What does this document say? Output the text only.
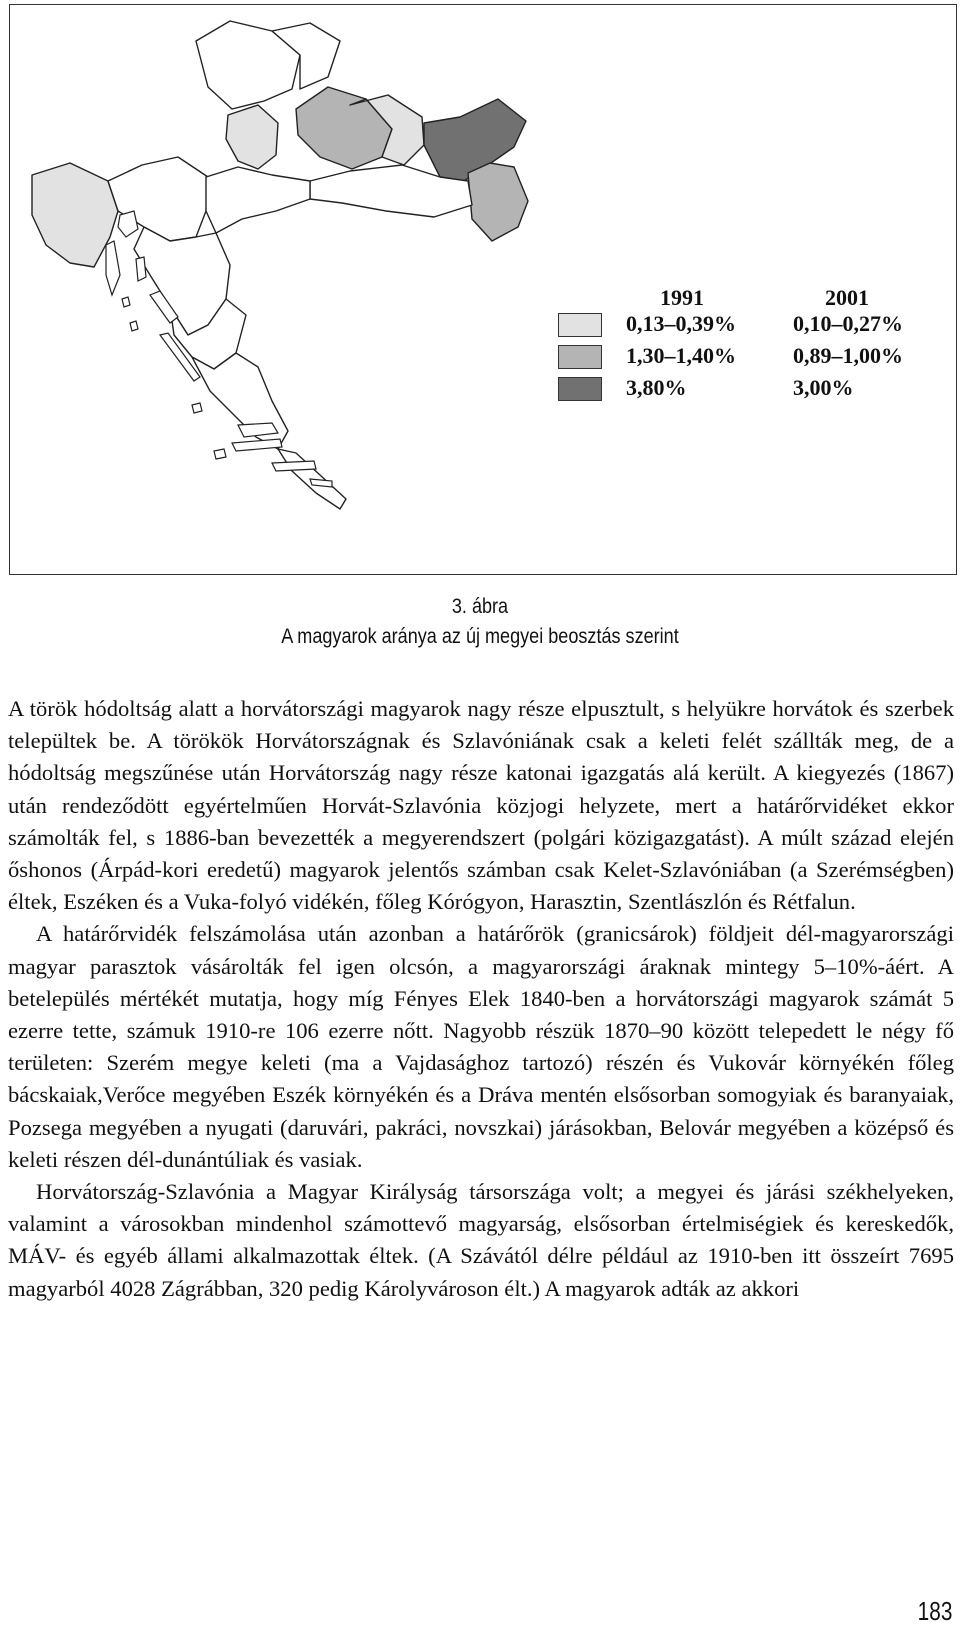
1991	2001
0,13–0,39%	0,10–0,27%
1,30–1,40%	0,89–1,00%
3,80%	3,00%
3. ábra
A magyarok aránya az új megyei beosztás szerint

A török hódoltság alatt a horvátországi magyarok nagy része elpusztult, s helyükre horvátok és szerbek települtek be. A törökök Horvátországnak és Szlavóniának csak a keleti felét szállták meg, de a hódoltság megszűnése után Horvátország nagy része katonai igazgatás alá került. A kiegyezés (1867) után rendeződött egyértelműen Horvát-Szlavónia közjogi helyzete, mert a határőrvidéket ekkor számolták fel, s 1886-ban bevezették a megyerendszert (polgári közigazgatást). A múlt század elején őshonos (Árpád-kori eredetű) magyarok jelentős számban csak Kelet-Szlavóniában (a Szerémségben) éltek, Eszéken és a Vuka-folyó vidékén, főleg Kórógyon, Harasztin, Szentlászlón és Rétfalun.

A határőrvidék felszámolása után azonban a határőrök (granicsárok) földjeit dél-magyarországi magyar parasztok vásárolták fel igen olcsón, a magyarországi áraknak mintegy 5–10%-áért. A betelepülés mértékét mutatja, hogy míg Fényes Elek 1840-ben a horvátországi magyarok számát 5 ezerre tette, számuk 1910-re 106 ezerre nőtt. Nagyobb részük 1870–90 között telepedett le négy fő területen: Szerém megye keleti (ma a Vajdasághoz tartozó) részén és Vukovár környékén főleg bácskaiak,Verőce megyében Eszék környékén és a Dráva mentén elsősorban somogyiak és baranyaiak, Pozsega megyében a nyugati (daruvári, pakráci, novszkai) járásokban, Belovár megyében a középső és keleti részen dél-dunántúliak és vasiak.

Horvátország-Szlavónia a Magyar Királyság társországa volt; a megyei és járási székhelyeken, valamint a városokban mindenhol számottevő magyarság, elsősorban értelmiségiek és kereskedők, MÁV- és egyéb állami alkalmazottak éltek. (A Szávától délre például az 1910-ben itt összeírt 7695 magyarból 4028 Zágrábban, 320 pedig Károlyvároson élt.) A magyarok adták az akkori

183
